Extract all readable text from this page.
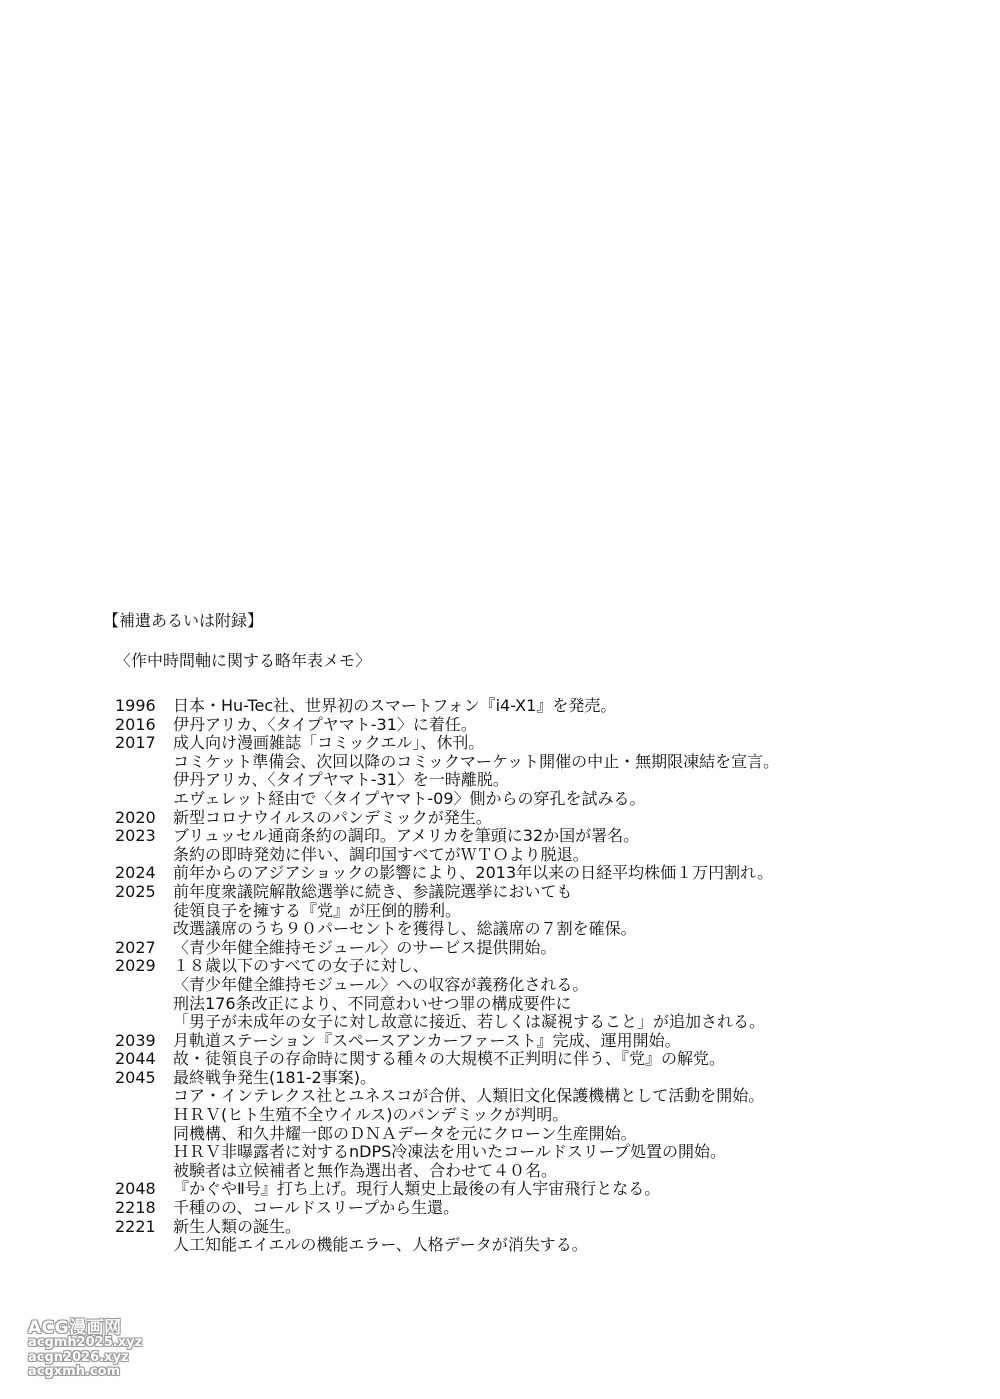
【補遺あるいは附録】
〈作中時間軸に関する略年表メモ〉
1996	日本・Hu-Tec社、世界初のスマートフォン『i4-X1』を発売。
2016	伊丹アリカ、〈タイプヤマト-31〉に着任。
2017	成人向け漫画雑誌「コミックエル」、休刊。
コミケット準備会、次回以降のコミックマーケット開催の中止・無期限凍結を宣言。
伊丹アリカ、〈タイプヤマト-31〉を一時離脱。
エヴェレット経由で〈タイプヤマト-09〉側からの穿孔を試みる。
2020	新型コロナウイルスのパンデミックが発生。
2023	ブリュッセル通商条約の調印。アメリカを筆頭に32か国が署名。
条約の即時発効に伴い、調印国すべてがＷＴＯより脱退。
2024	前年からのアジアショックの影響により、2013年以来の日経平均株価１万円割れ。
2025	前年度衆議院解散総選挙に続き、参議院選挙においても
徒領良子を擁する『党』が圧倒的勝利。
改選議席のうち９０パーセントを獲得し、総議席の７割を確保。
2027	〈青少年健全維持モジュール〉のサービス提供開始。
2029	１８歳以下のすべての女子に対し、
〈青少年健全維持モジュール〉への収容が義務化される。
刑法176条改正により、不同意わいせつ罪の構成要件に
「男子が未成年の女子に対し故意に接近、若しくは凝視すること」が追加される。
2039	月軌道ステーション『スペースアンカーファースト』完成、運用開始。
2044	故・徒領良子の存命時に関する種々の大規模不正判明に伴う、『党』の解党。
2045	最終戦争発生(181-2事案)。
コア・インテレクス社とユネスコが合併、人類旧文化保護機構として活動を開始。
ＨＲＶ(ヒト生殖不全ウイルス)のパンデミックが判明。
同機構、和久井耀一郎のＤＮＡデータを元にクローン生産開始。
ＨＲＶ非曝露者に対するnDPS冷凍法を用いたコールドスリープ処置の開始。
被験者は立候補者と無作為選出者、合わせて４０名。
2048	『かぐやⅡ号』打ち上げ。現行人類史上最後の有人宇宙飛行となる。
2218	千種のの、コールドスリープから生還。
2221	新生人類の誕生。
人工知能エイエルの機能エラー、人格データが消失する。
ACG漫画网
acgmh2025.xyz
acgn2026.xyz
acgxmh.com
